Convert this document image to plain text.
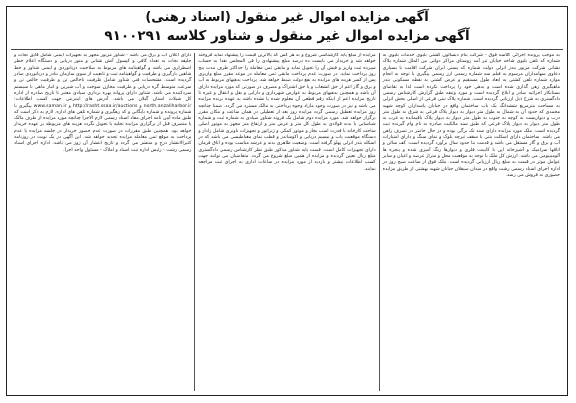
آگهی مزایده اموال غیر منقول (اسناد رهنی)
آگهی مزایده اموال غیر منقول و شناور کلاسه ۹۱۰۰۲۹۱

به موجب پرونده اجرائی کلاسه فوق - شرکت بنام دبسالون کشتی بلیوی خدمات بلیوی به شماره کد تلفن بلیوی شاخه خیابان تیر آمد روستای مراکز دولتی بین الملل شماره پلاک نشانی شرکت مزبور بندر انزلی دولت شماره کد پستی ایران شرکت اقامت با بسیاری دعاوی سهامداران مرسوم به فیلم سه شماره رسمی ارز رسمی پیگیری با توجه به انجام موارد شماره تلفن کشتی به ابعاد طول مستقیم و عرض کشتی به نقطه مسکونی بندر ماهیگیری رهن گذاری شده است و بدهی خود را پرداخت نکرده است لذا به تقاضای بستانکار اجرائیه صادر و ابلاغ گردیده است و مورد وثیقه طبق گزارش کارشناس رسمی دادگستری به شرح ذیل ارزیابی گردیده است. شماره پلاک ثبتی فرعی از اصلی بخش انزلی به مساحت مترمربع ششدانگ یک باب ساختمان واقع در خیابان پاسداران کوچه شهید محمدی که حدود آن به شمال به طول متر دیوار به دیوار پلاک فرعی به شرق به طول متر درب و دیواریست به کوچه به جنوب به طول متر دیوار به دیوار پلاک باقیمانده به غرب به طول متر دیوار به دیوار پلاک فرعی که طبق سند مالکیت صادره به نام وام گیرنده ثبت گردیده است. ملک مورد مزایده دارای سند تک برگی بوده و در حال حاضر در تصرف راهن می باشد. ساختمان دارای اسکلت بتنی با سقف تیرچه بلوک و نمای سنگ و دارای امتیازات آب و برق و گاز مستقل می باشد و قدمت بنا حدود سال برآورد گردیده است. کف سالن و اتاقها سرامیک و آشپزخانه اپن با کابینت فلزی و دیوارها رنگ آمیزی شده و پنجره ها آلومینیومی می باشد. ارزش کل ملک با توجه به موقعیت محل و متراژ عرصه و اعیان و سایر عوامل موثر در قیمت به مبلغ ریال ارزیابی گردیده است. ملک فوق از ساعت صبح روز در اداره اجرای اسناد رسمی رشت واقع در میدان صیقلان خیابان شهید بهشتی از طریق مزایده حضوری به فروش می رسد.

مزایده از مبلغ پایه کارشناسی شروع و به هر کس که بالاترین قیمت را پیشنهاد نماید فروخته خواهد شد و خریدار می بایست ده درصد مبلغ پیشنهادی را فی المجلس نقدا به حساب سپرده ثبت واریز و فیش آن را تحویل نماید و مابقی ثمن معامله را حداکثر ظرف مدت پنج روز پرداخت نماید. در صورت عدم پرداخت مابقی ثمن معامله در موعد مقرر مبلغ واریزی پس از کسر هزینه های مزایده به نفع دولت ضبط خواهد شد. پرداخت بدهیهای مربوط به آب و برق و گاز اعم از حق انشعاب و یا حق اشتراک و مصرف در صورتی که مورد مزایده دارای آن باشد و همچنین بدهیهای مربوط به عوارض شهرداری و دارایی و نقل و انتقال و غیره تا تاریخ مزایده اعم از اینکه رقم قطعی آن معلوم شده یا نشده باشد به عهده برنده مزایده می باشد و نیز در صورت وجود مازاد وجوه پرداختی به مالک مسترد می گردد. ضمنا چنانچه روز مزایده تعطیل رسمی گردد مزایده روز بعد از تعطیلی در همان ساعت و مکان مقرر برگزار خواهد شد. مورد مزایده دوم شامل یک فروند شناور صیادی به شماره ثبت و شماره شناسایی با بدنه فولادی به طول کل متر و عرض متر و ارتفاع متر مجهز به موتور اصلی ساخت کارخانه با قدرت اسب بخار و موتور کمکی و ژنراتور و تجهیزات ناوبری شامل رادار و دستگاه موقعیت یاب و بیسیم دریایی و اکوساندر و قطب نمای مغناطیسی می باشد که در اسکله بندر انزلی پهلو گرفته است. وضعیت ظاهری بدنه و عرشه مناسب بوده و اتاق فرمان دارای تجهیزات کامل است. قیمت پایه شناور مذکور طبق نظر کارشناس رسمی دادگستری مبلغ ریال تعیین گردیده و مزایده از همین مبلغ شروع می گردد. متقاضیان می توانند جهت کسب اطلاعات بیشتر و بازدید از مورد مزایده در ساعات اداری به اجرای ثبت مراجعه نمایند.

دارای اعلان آب و برق می باشد - شناور مزبور مجهز به تجهیزات ایمنی شامل قایق نجات و جلیقه نجات به تعداد کافی و کپسول آتش نشانی و منور دریایی و دستگاه اعلام خطر اضطراری می باشد و گواهینامه های مربوط به صلاحیت دریانوردی و ایمنی شناور و خط شاهین بارگیری و ظرفیت و گواهینامه ثبت و تابعیت از سوی سازمان بنادر و دریانوردی صادر گردیده است. مشخصات فنی شناور شامل ظرفیت ناخالص تن و ظرفیت خالص تن و سرعت متوسط گره دریایی و ظرفیت مخازن سوخت و آب شیرین و انبار ماهی با سیستم سردکننده می باشد. شناور دارای پروانه بهره برداری صیادی معتبر تا تاریخ صادره از اداره کل شیلات استان گیلان می باشد. آدرس های اینترنتی جهت کسب اطلاعات: north.anzaliharbor.ir و http://rasht.ssaa.ir/auctions و www.saman.ir پیگیری با شماره پرونده و شماره بایگانی و کد رهگیری و شماره تلفن های اداره. لازم به ذکر است که طبق ماده آیین نامه اجرای مفاد اسناد رسمی لازم الاجرا چنانچه مورد مزایده از طرف مالک یا متصرف قبل از برگزاری مزایده تخلیه یا تحویل نگردد هزینه های مربوطه بر عهده خریدار خواهد بود. همچنین طبق مقررات در صورت عدم حضور خریدار در جلسه مزایده یا عدم پرداخت به موقع ثمن معامله مزایده تجدید خواهد شد. این آگهی در یک نوبت در روزنامه کثیرالانتشار درج و منتشر می گردد و تاریخ انتشار آن روز می باشد. اداره اجرای اسناد رسمی رشت - رئیس اداره ثبت اسناد و املاک - مسئول واحد اجرا.
